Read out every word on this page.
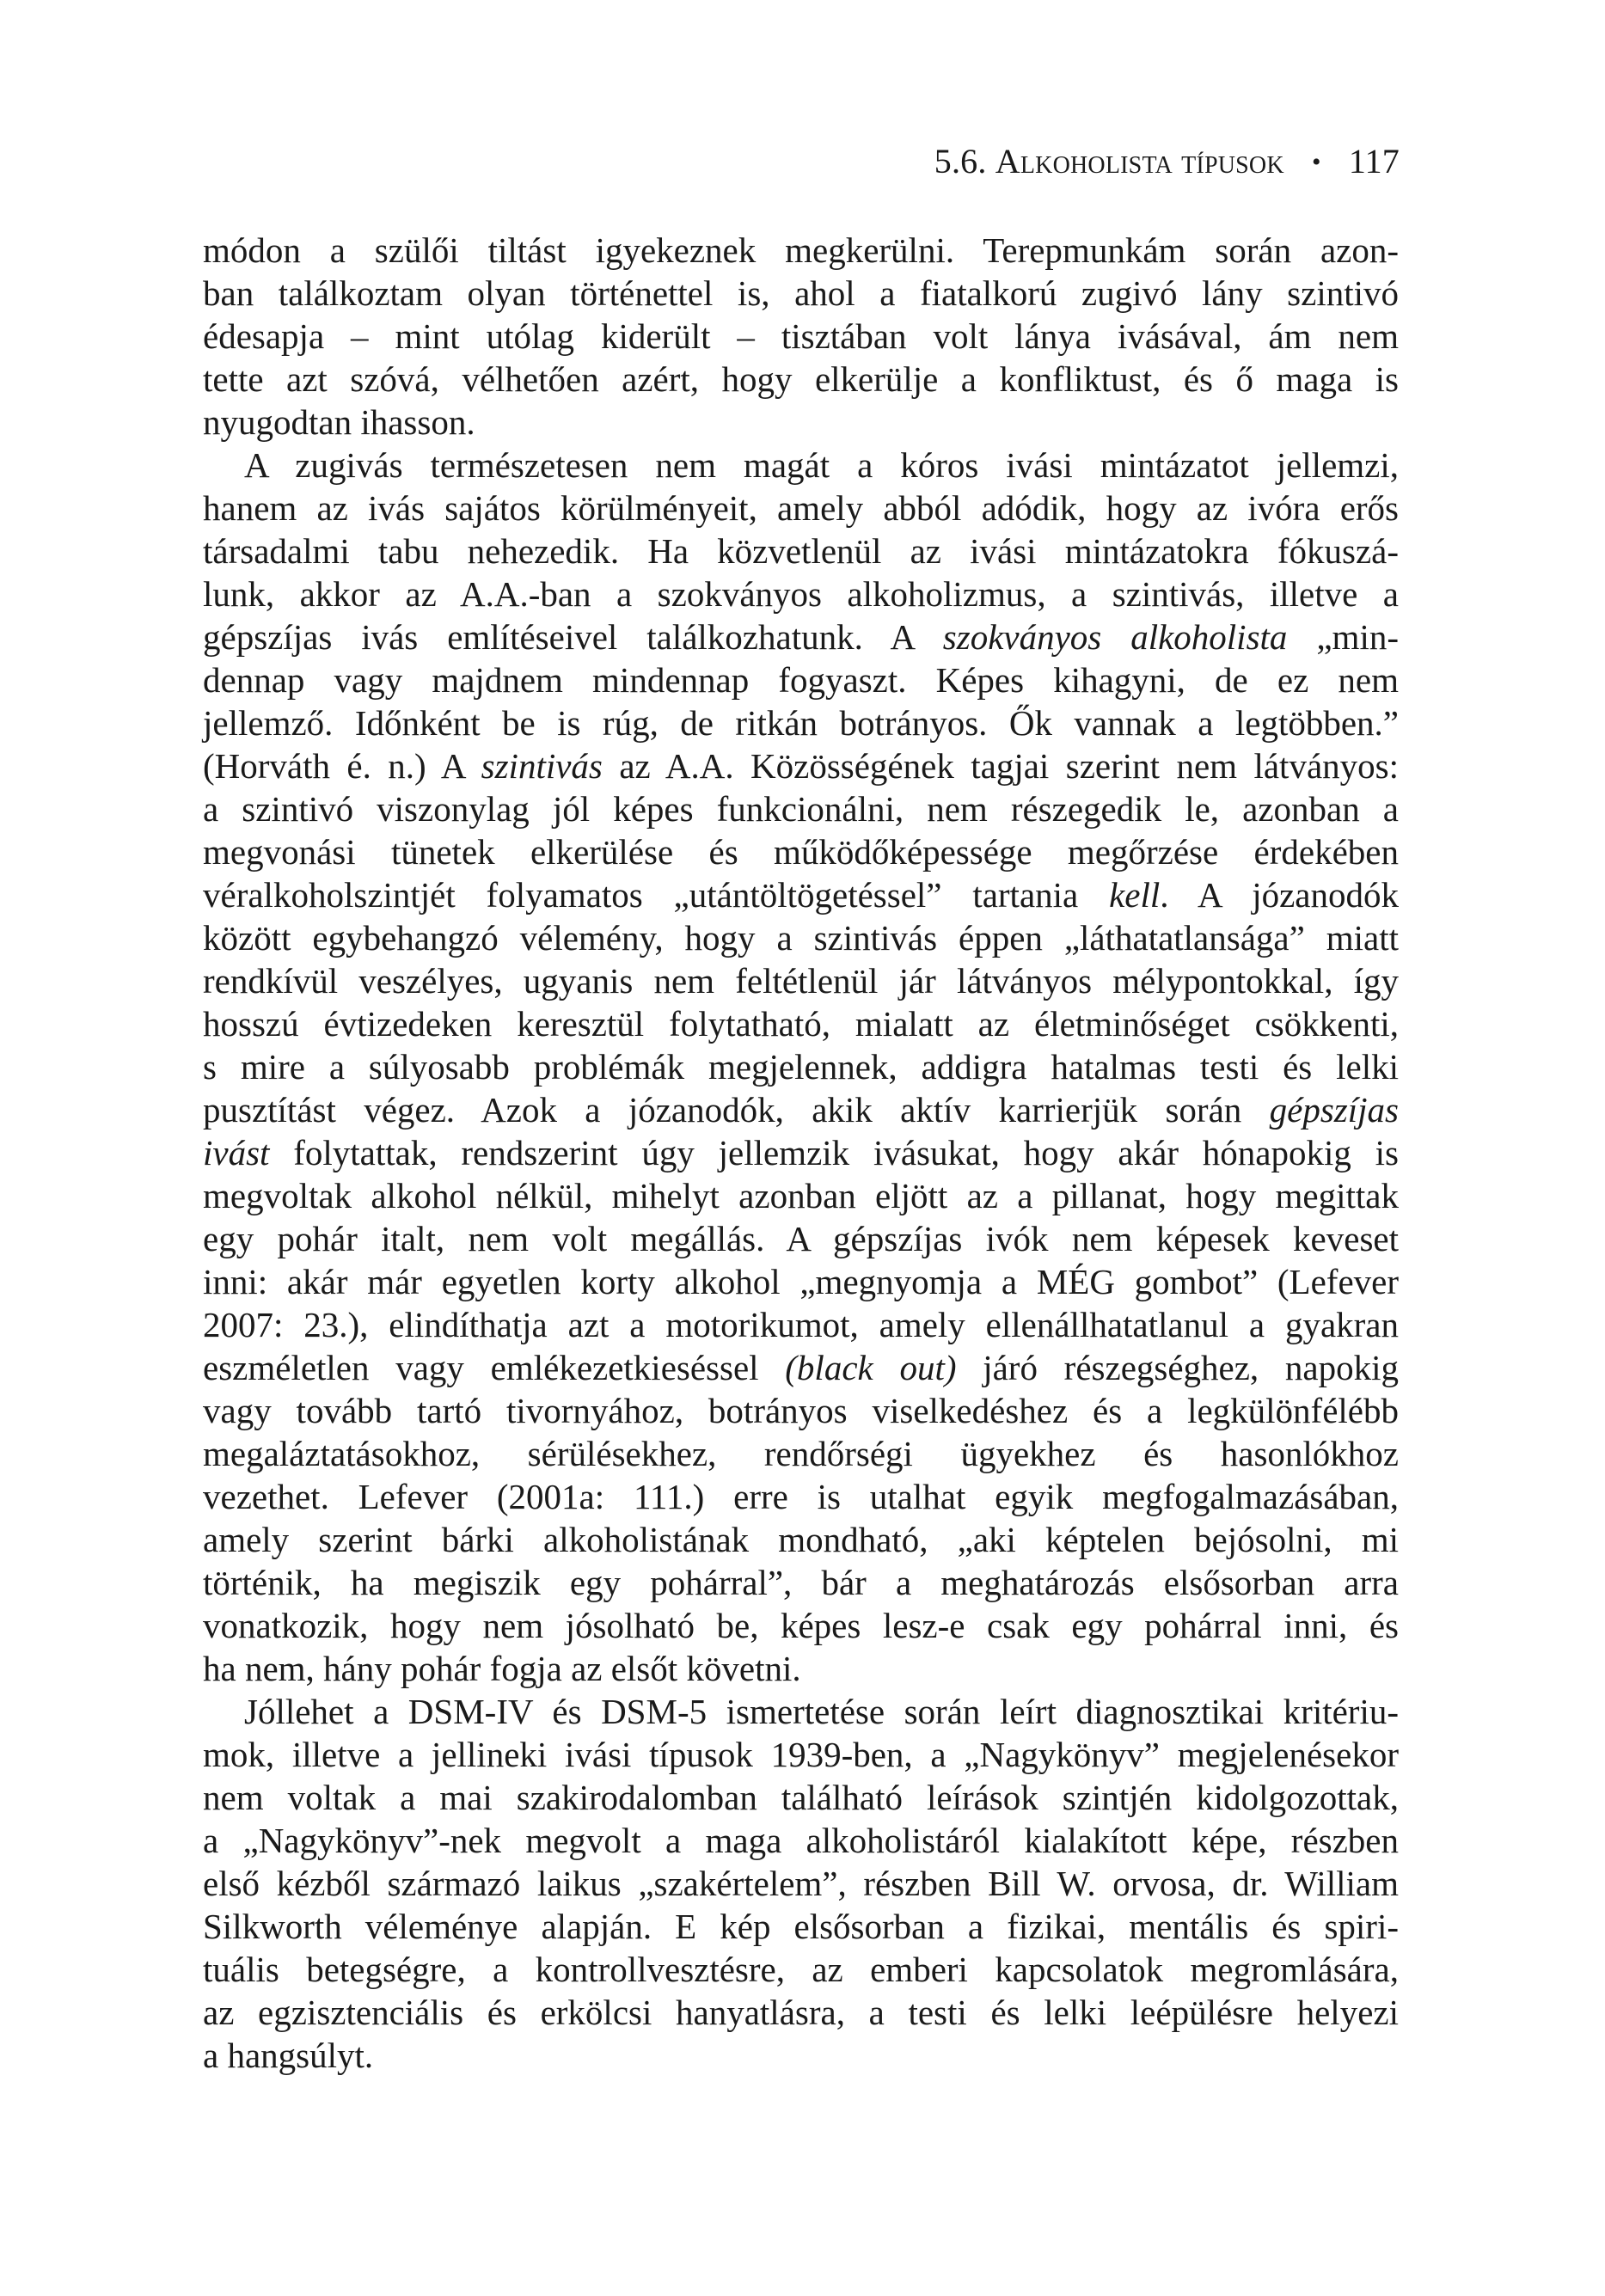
5.6. Alkoholista típusok • 117
módon a szülői tiltást igyekeznek megkerülni. Terepmunkám során azon-
ban találkoztam olyan történettel is, ahol a fiatalkorú zugivó lány szintivó
édesapja – mint utólag kiderült – tisztában volt lánya ivásával, ám nem
tette azt szóvá, vélhetően azért, hogy elkerülje a konfliktust, és ő maga is
nyugodtan ihasson.
A zugivás természetesen nem magát a kóros ivási mintázatot jellemzi,
hanem az ivás sajátos körülményeit, amely abból adódik, hogy az ivóra erős
társadalmi tabu nehezedik. Ha közvetlenül az ivási mintázatokra fókuszá-
lunk, akkor az A.A.-ban a szokványos alkoholizmus, a szintivás, illetve a
gépszíjas ivás említéseivel találkozhatunk. A szokványos alkoholista „min-
dennap vagy majdnem mindennap fogyaszt. Képes kihagyni, de ez nem
jellemző. Időnként be is rúg, de ritkán botrányos. Ők vannak a legtöbben.”
(Horváth é. n.) A szintivás az A.A. Közösségének tagjai szerint nem látványos:
a szintivó viszonylag jól képes funkcionálni, nem részegedik le, azonban a
megvonási tünetek elkerülése és működőképessége megőrzése érdekében
véralkoholszintjét folyamatos „utántöltögetéssel” tartania kell. A józanodók
között egybehangzó vélemény, hogy a szintivás éppen „láthatatlansága” miatt
rendkívül veszélyes, ugyanis nem feltétlenül jár látványos mélypontokkal, így
hosszú évtizedeken keresztül folytatható, mialatt az életminőséget csökkenti,
s mire a súlyosabb problémák megjelennek, addigra hatalmas testi és lelki
pusztítást végez. Azok a józanodók, akik aktív karrierjük során gépszíjas
ivást folytattak, rendszerint úgy jellemzik ivásukat, hogy akár hónapokig is
megvoltak alkohol nélkül, mihelyt azonban eljött az a pillanat, hogy megittak
egy pohár italt, nem volt megállás. A gépszíjas ivók nem képesek keveset
inni: akár már egyetlen korty alkohol „megnyomja a MÉG gombot” (Lefever
2007: 23.), elindíthatja azt a motorikumot, amely ellenállhatatlanul a gyakran
eszméletlen vagy emlékezetkieséssel (black out) járó részegséghez, napokig
vagy tovább tartó tivornyához, botrányos viselkedéshez és a legkülönfélébb
megaláztatásokhoz, sérülésekhez, rendőrségi ügyekhez és hasonlókhoz
vezethet. Lefever (2001a: 111.) erre is utalhat egyik megfogalmazásában,
amely szerint bárki alkoholistának mondható, „aki képtelen bejósolni, mi
történik, ha megiszik egy pohárral”, bár a meghatározás elsősorban arra
vonatkozik, hogy nem jósolható be, képes lesz-e csak egy pohárral inni, és
ha nem, hány pohár fogja az elsőt követni.
Jóllehet a DSM-IV és DSM-5 ismertetése során leírt diagnosztikai kritériu-
mok, illetve a jellineki ivási típusok 1939-ben, a „Nagykönyv” megjelenésekor
nem voltak a mai szakirodalomban található leírások szintjén kidolgozottak,
a „Nagykönyv”-nek megvolt a maga alkoholistáról kialakított képe, részben
első kézből származó laikus „szakértelem”, részben Bill W. orvosa, dr. William
Silkworth véleménye alapján. E kép elsősorban a fizikai, mentális és spiri-
tuális betegségre, a kontrollvesztésre, az emberi kapcsolatok megromlására,
az egzisztenciális és erkölcsi hanyatlásra, a testi és lelki leépülésre helyezi
a hangsúlyt.
